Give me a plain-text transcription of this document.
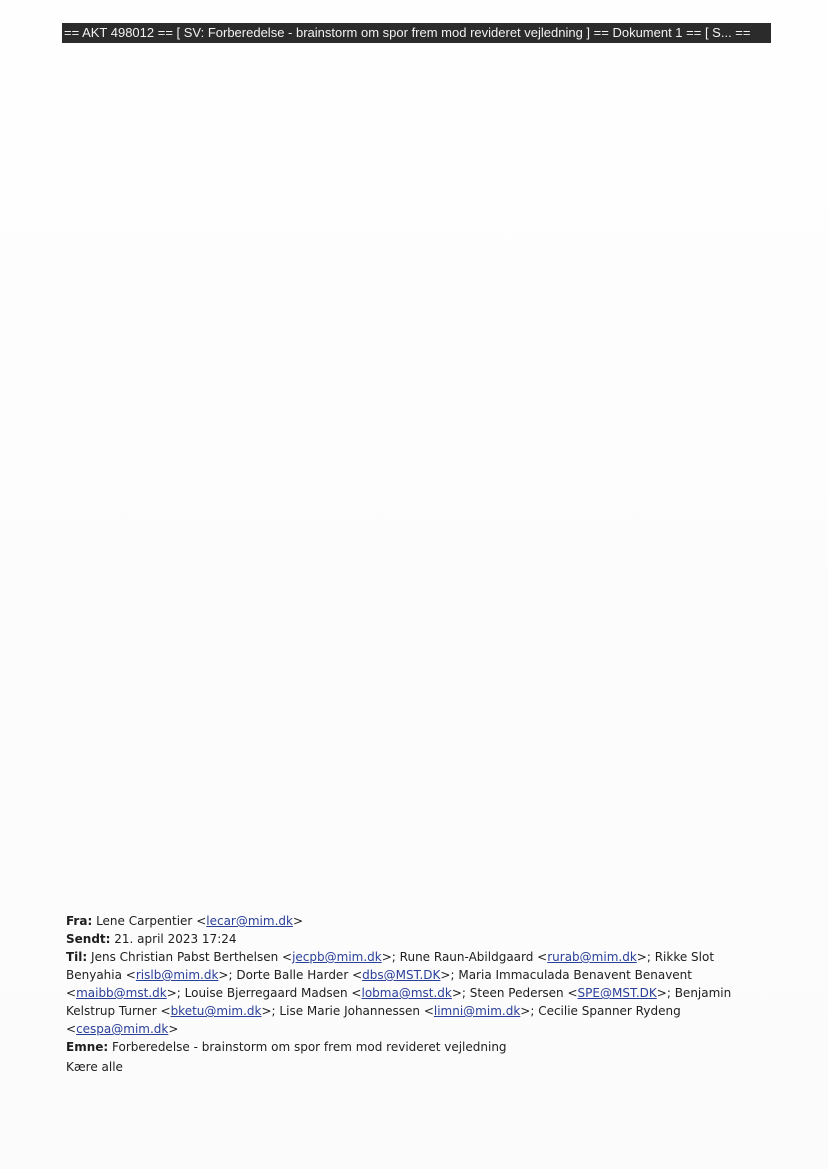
== AKT 498012 == [ SV: Forberedelse - brainstorm om spor frem mod revideret vejledning ] == Dokument 1 == [ S... ==

Fra: Lene Carpentier <lecar@mim.dk>

Sendt: 21. april 2023 17:24

Til: Jens Christian Pabst Berthelsen <jecpb@mim.dk>; Rune Raun-Abildgaard <rurab@mim.dk>; Rikke Slot Benyahia <rislb@mim.dk>; Dorte Balle Harder <dbs@MST.DK>; Maria Immaculada Benavent Benavent <maibb@mst.dk>; Louise Bjerregaard Madsen <lobma@mst.dk>; Steen Pedersen <SPE@MST.DK>; Benjamin Kelstrup Turner <bketu@mim.dk>; Lise Marie Johannessen <limni@mim.dk>; Cecilie Spanner Rydeng <cespa@mim.dk>

Emne: Forberedelse - brainstorm om spor frem mod revideret vejledning

Kære alle
